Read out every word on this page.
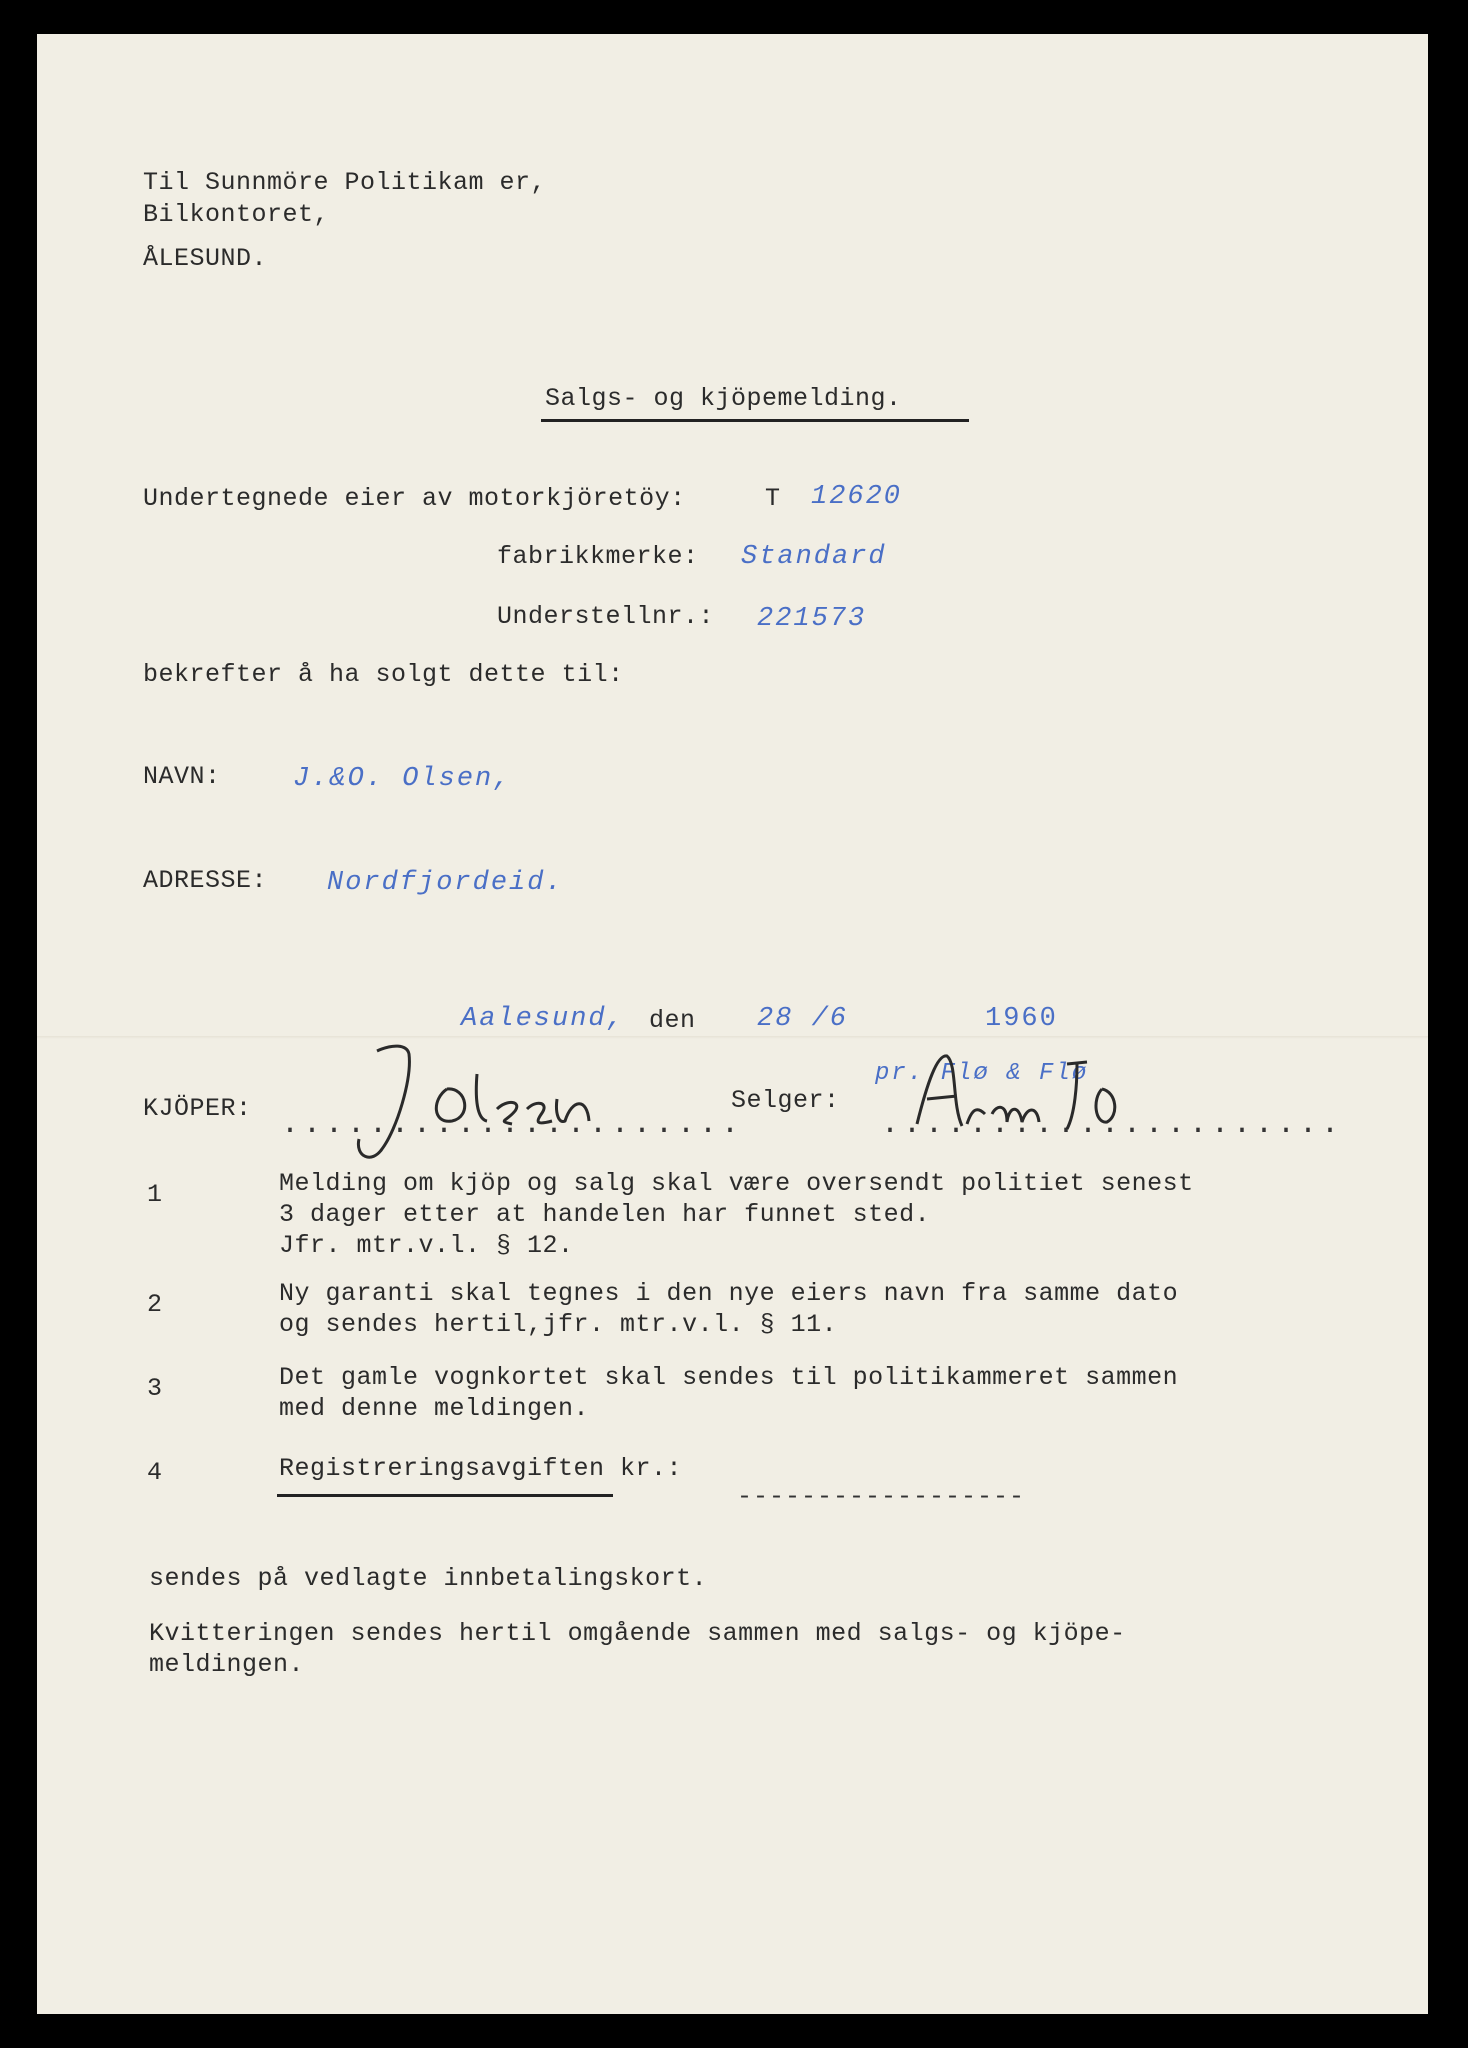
Til Sunnmöre Politikam er,
Bilkontoret,
ÅLESUND.
Salgs- og kjöpemelding.
Undertegnede eier av motorkjöretöy:	T 12620
fabrikkmerke: Standard
Understellnr.: 221573
bekrefter å ha solgt dette til:
NAVN:	J.&O. Olsen,
ADRESSE: Nordfjordeid.
Aalesund, den 28 /6	1960
KJÖPER: .....................
Selger:
pr. Flø & Flø
.....................
1	Melding om kjöp og salg skal være oversendt politiet senest
3 dager etter at handelen har funnet sted.
Jfr. mtr.v.l. § 12.
2	Ny garanti skal tegnes i den nye eiers navn fra samme dato
og sendes hertil,jfr. mtr.v.l. § 11.
3	Det gamle vognkortet skal sendes til politikammeret sammen
med denne meldingen.
4	Registreringsavgiften kr.:
------------------
sendes på vedlagte innbetalingskort.
Kvitteringen sendes hertil omgående sammen med salgs- og kjöpe-
meldingen.
